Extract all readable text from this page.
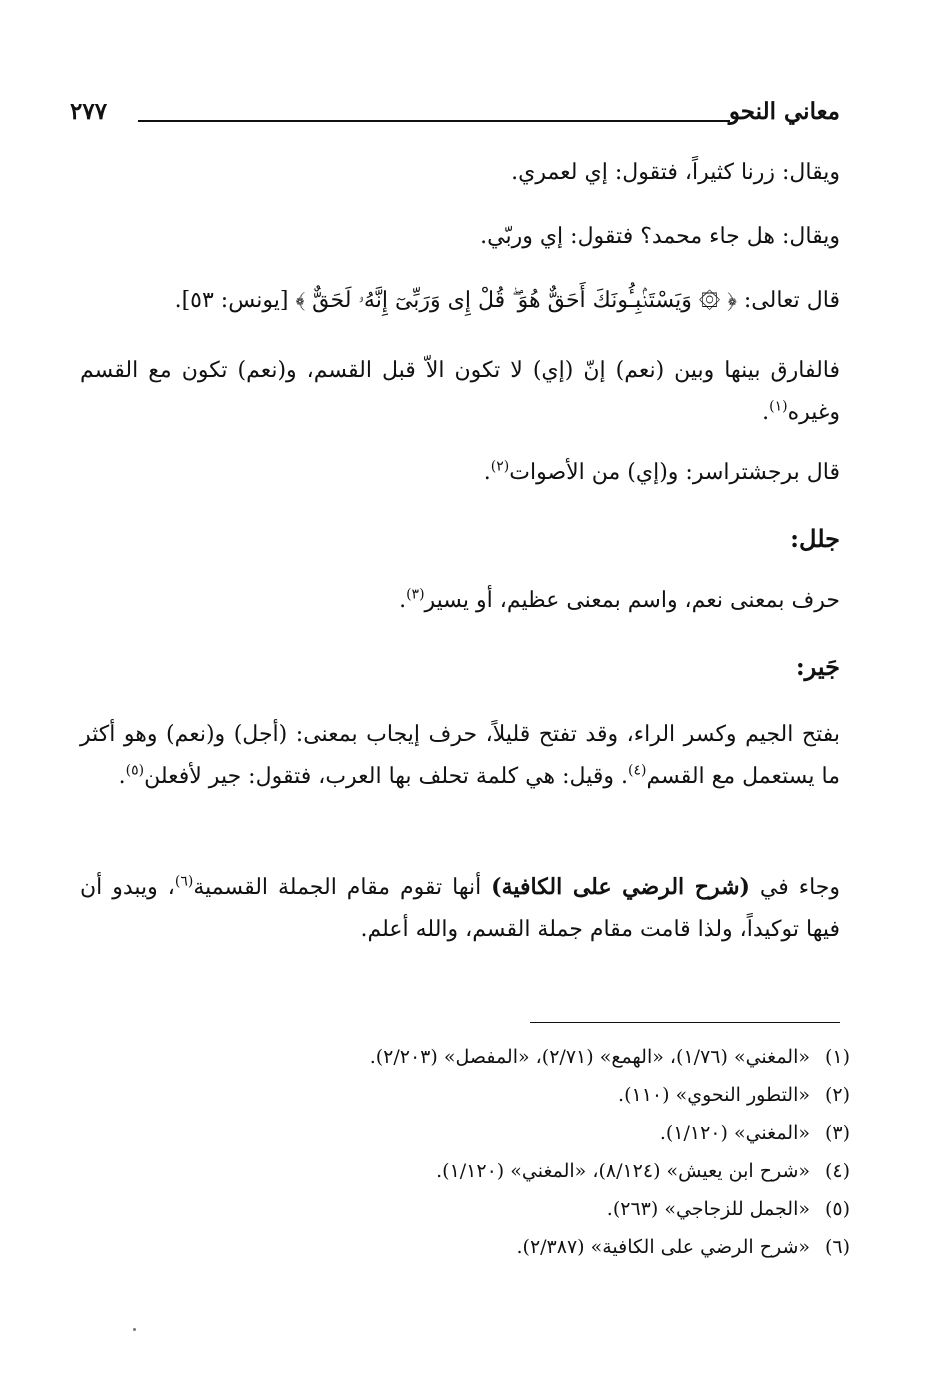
معاني النحو
٢٧٧
ويقال: زرنا كثيراً، فتقول: إي لعمري.
ويقال: هل جاء محمد؟ فتقول: إي وربّي.
قال تعالى: ﴿ ۞ وَيَسْتَنۢبِـُٔونَكَ أَحَقٌّ هُوَ ۖ قُلْ إِى وَرَبِّىٓ إِنَّهُۥ لَحَقٌّ ﴾ [يونس: ٥٣].
فالفارق بينها وبين (نعم) إنّ (إي) لا تكون الاّ قبل القسم، و(نعم) تكون مع القسم وغيره$^{(١)}$.
قال برجشتراسر: و(إي) من الأصوات$^{(٢)}$.
جلل:
حرف بمعنى نعم، واسم بمعنى عظيم، أو يسير$^{(٣)}$.
جَير:
بفتح الجيم وكسر الراء، وقد تفتح قليلاً، حرف إيجاب بمعنى: (أجل) و(نعم) وهو أكثر ما يستعمل مع القسم$^{(٤)}$. وقيل: هي كلمة تحلف بها العرب، فتقول: جير لأفعلن$^{(٥)}$.
وجاء في (شرح الرضي على الكافية) أنها تقوم مقام الجملة القسمية$^{(٦)}$، ويبدو أن فيها توكيداً، ولذا قامت مقام جملة القسم، والله أعلم.
(١)«المغني» (١/٧٦)، «الهمع» (٢/٧١)، «المفصل» (٢/٢٠٣).
(٢)«التطور النحوي» (١١٠).
(٣)«المغني» (١/١٢٠).
(٤)«شرح ابن يعيش» (٨/١٢٤)، «المغني» (١/١٢٠).
(٥)«الجمل للزجاجي» (٢٦٣).
(٦)«شرح الرضي على الكافية» (٢/٣٨٧).
